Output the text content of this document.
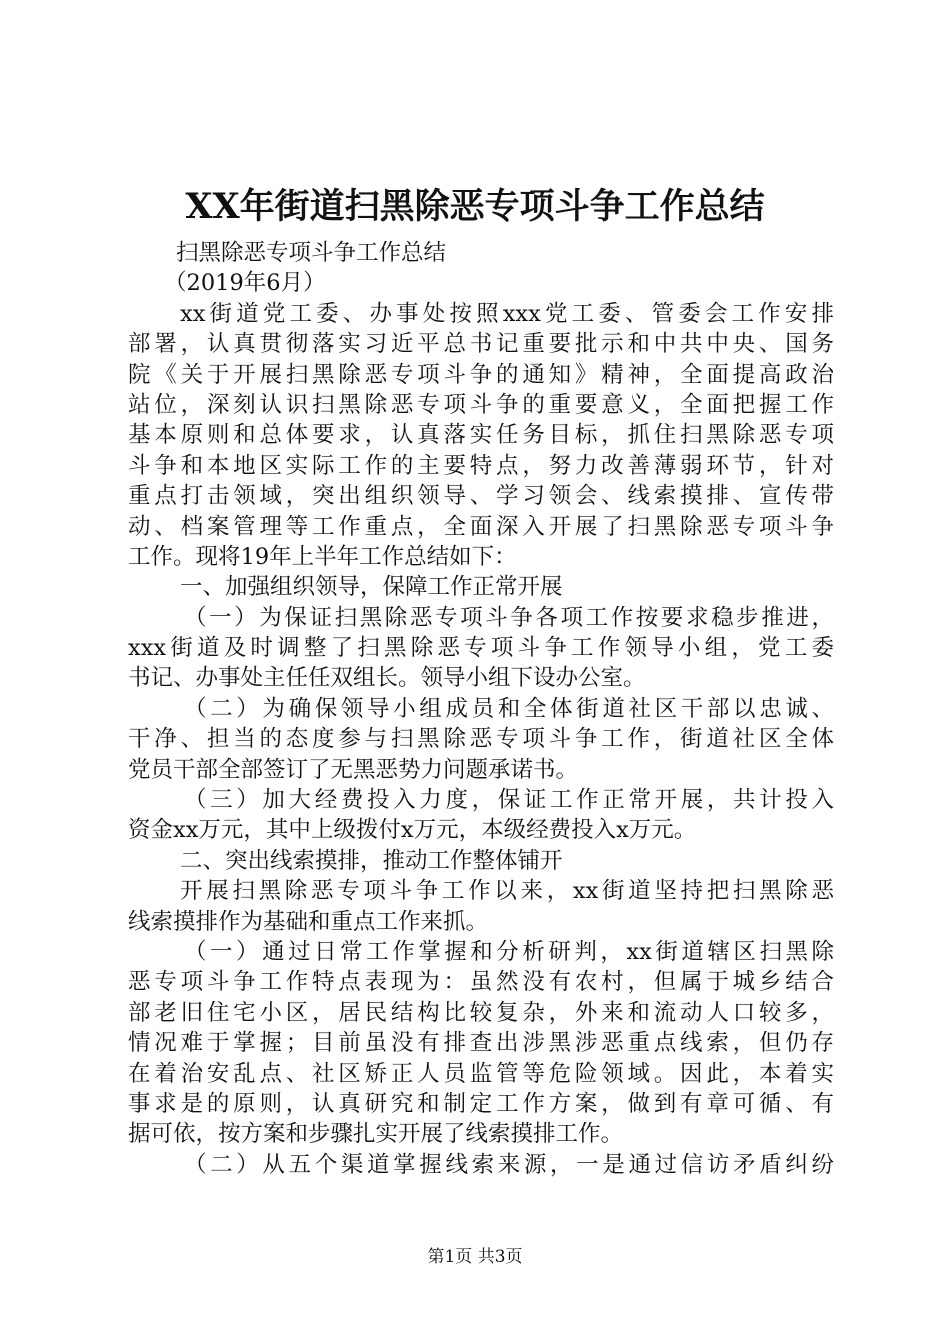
XX年街道扫黑除恶专项斗争工作总结
扫黑除恶专项斗争工作总结
（2019年6月）
xx街道党工委、办事处按照xxx党工委、管委会工作安排
部署，认真贯彻落实习近平总书记重要批示和中共中央、国务
院《关于开展扫黑除恶专项斗争的通知》精神，全面提高政治
站位，深刻认识扫黑除恶专项斗争的重要意义，全面把握工作
基本原则和总体要求，认真落实任务目标，抓住扫黑除恶专项
斗争和本地区实际工作的主要特点，努力改善薄弱环节，针对
重点打击领域，突出组织领导、学习领会、线索摸排、宣传带
动、档案管理等工作重点，全面深入开展了扫黑除恶专项斗争
工作。现将19年上半年工作总结如下：
一、加强组织领导，保障工作正常开展
（一）为保证扫黑除恶专项斗争各项工作按要求稳步推进，
xxx街道及时调整了扫黑除恶专项斗争工作领导小组，党工委
书记、办事处主任任双组长。领导小组下设办公室。
（二）为确保领导小组成员和全体街道社区干部以忠诚、
干净、担当的态度参与扫黑除恶专项斗争工作，街道社区全体
党员干部全部签订了无黑恶势力问题承诺书。
（三）加大经费投入力度，保证工作正常开展，共计投入
资金xx万元，其中上级拨付x万元，本级经费投入x万元。
二、突出线索摸排，推动工作整体铺开
开展扫黑除恶专项斗争工作以来，xx街道坚持把扫黑除恶
线索摸排作为基础和重点工作来抓。
（一）通过日常工作掌握和分析研判，xx街道辖区扫黑除
恶专项斗争工作特点表现为：虽然没有农村，但属于城乡结合
部老旧住宅小区，居民结构比较复杂，外来和流动人口较多，
情况难于掌握；目前虽没有排查出涉黑涉恶重点线索，但仍存
在着治安乱点、社区矫正人员监管等危险领域。因此，本着实
事求是的原则，认真研究和制定工作方案，做到有章可循、有
据可依，按方案和步骤扎实开展了线索摸排工作。
（二）从五个渠道掌握线索来源，一是通过信访矛盾纠纷
第1页 共3页
